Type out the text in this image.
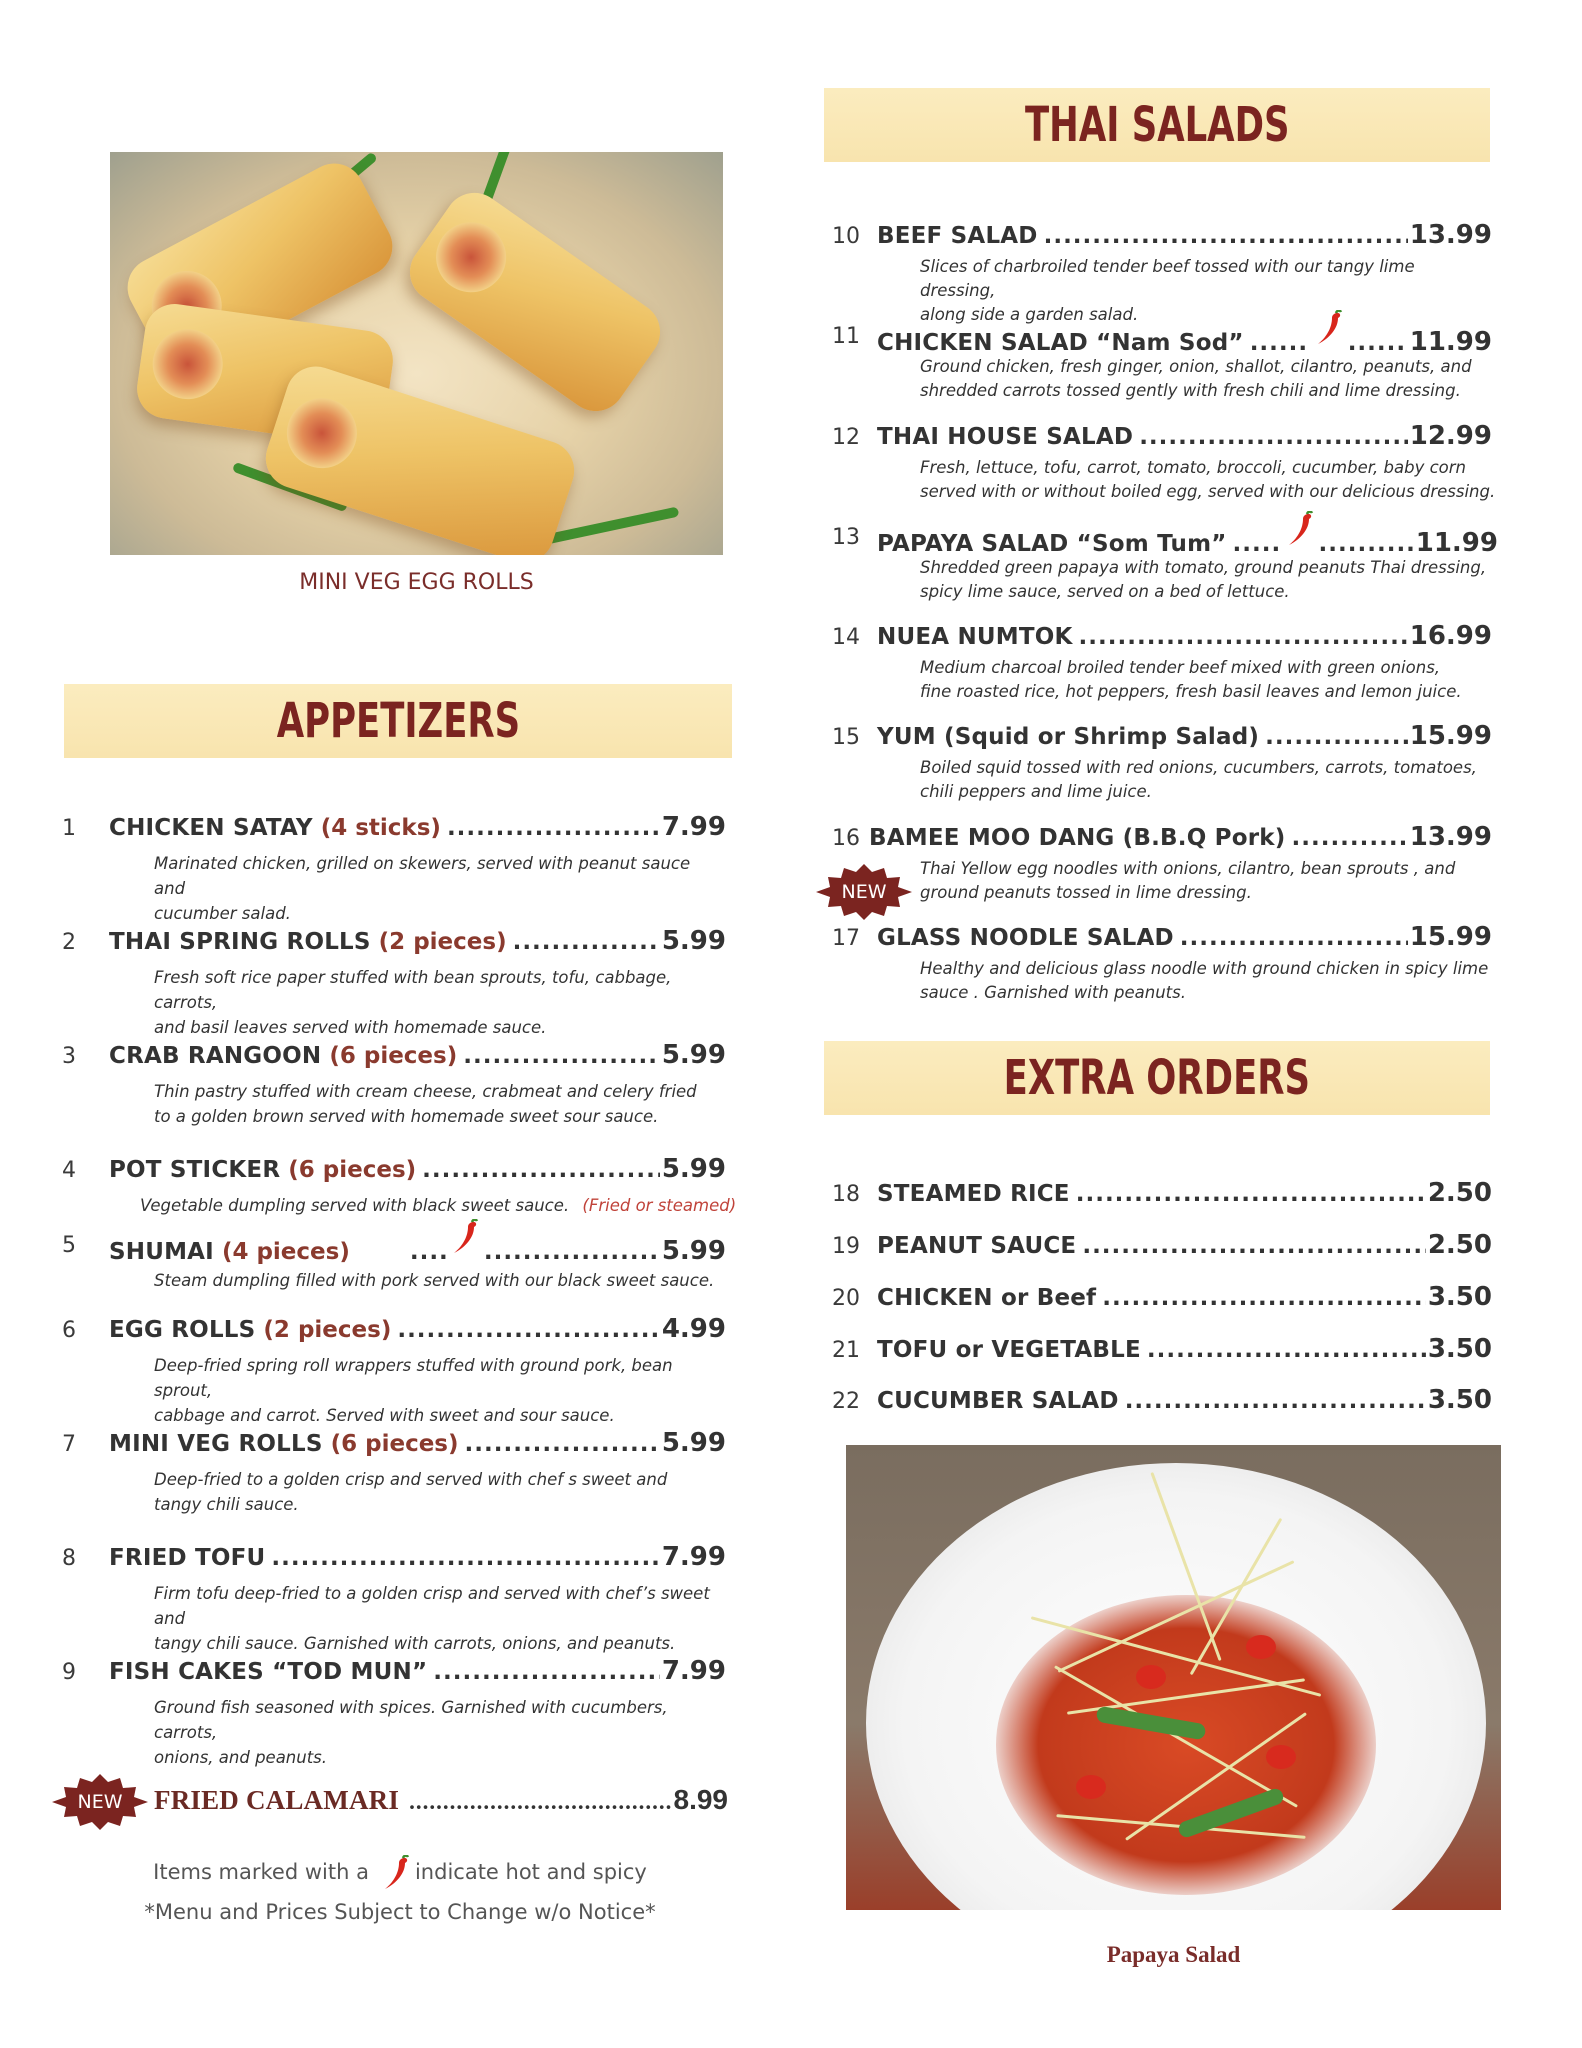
MINI VEG EGG ROLLS
APPETIZERS
1 CHICKEN SATAY (4 sticks) .....	7.99
Marinated chicken, grilled on skewers, served with peanut sauce and
cucumber salad.
2 THAI SPRING ROLLS (2 pieces) .....	5.99
Fresh soft rice paper stuffed with bean sprouts, tofu, cabbage, carrots,
and basil leaves served with homemade sauce.
3 CRAB RANGOON (6 pieces) .....	5.99
Thin pastry stuffed with cream cheese, crabmeat and celery fried
to a golden brown served with homemade sweet sour sauce.
4 POT STICKER (6 pieces) .....	5.99
Vegetable dumpling served with black sweet sauce. (Fried or steamed)
5 SHUMAI (4 pieces) ..... .....	5.99
Steam dumpling filled with pork served with our black sweet sauce.
6 EGG ROLLS (2 pieces) .....	4.99
Deep-fried spring roll wrappers stuffed with ground pork, bean sprout,
cabbage and carrot. Served with sweet and sour sauce.
7 MINI VEG ROLLS (6 pieces) .....	5.99
Deep-fried to a golden crisp and served with chef s sweet and
tangy chili sauce.
8 FRIED TOFU .....	7.99
Firm tofu deep-fried to a golden crisp and served with chef’s sweet and
tangy chili sauce. Garnished with carrots, onions, and peanuts.
9 FISH CAKES “TOD MUN” .....	7.99
Ground fish seasoned with spices. Garnished with cucumbers, carrots,
onions, and peanuts.
NEW	FRIED CALAMARI .....	8.99
Items marked with a indicate hot and spicy
*Menu and Prices Subject to Change w/o Notice*
THAI SALADS
10 BEEF SALAD .....	13.99
Slices of charbroiled tender beef tossed with our tangy lime dressing,
along side a garden salad.
11 CHICKEN SALAD “Nam Sod” ..... .....	11.99
Ground chicken, fresh ginger, onion, shallot, cilantro, peanuts, and
shredded carrots tossed gently with fresh chili and lime dressing.
12 THAI HOUSE SALAD .....	12.99
Fresh, lettuce, tofu, carrot, tomato, broccoli, cucumber, baby corn
served with or without boiled egg, served with our delicious dressing.
13 PAPAYA SALAD “Som Tum” ..... .....	11.99
Shredded green papaya with tomato, ground peanuts Thai dressing,
spicy lime sauce, served on a bed of lettuce.
14 NUEA NUMTOK .....	16.99
Medium charcoal broiled tender beef mixed with green onions,
fine roasted rice, hot peppers, fresh basil leaves and lemon juice.
15 YUM (Squid or Shrimp Salad) .....	15.99
Boiled squid tossed with red onions, cucumbers, carrots, tomatoes,
chili peppers and lime juice.
16 BAMEE MOO DANG (B.B.Q Pork) .....	13.99
NEW
Thai Yellow egg noodles with onions, cilantro, bean sprouts , and
ground peanuts tossed in lime dressing.
17 GLASS NOODLE SALAD .....	15.99
Healthy and delicious glass noodle with ground chicken in spicy lime
sauce . Garnished with peanuts.
EXTRA ORDERS
18 STEAMED RICE .....	2.50
19 PEANUT SAUCE .....	2.50
20 CHICKEN or Beef .....	3.50
21 TOFU or VEGETABLE .....	3.50
22 CUCUMBER SALAD .....	3.50
Papaya Salad
